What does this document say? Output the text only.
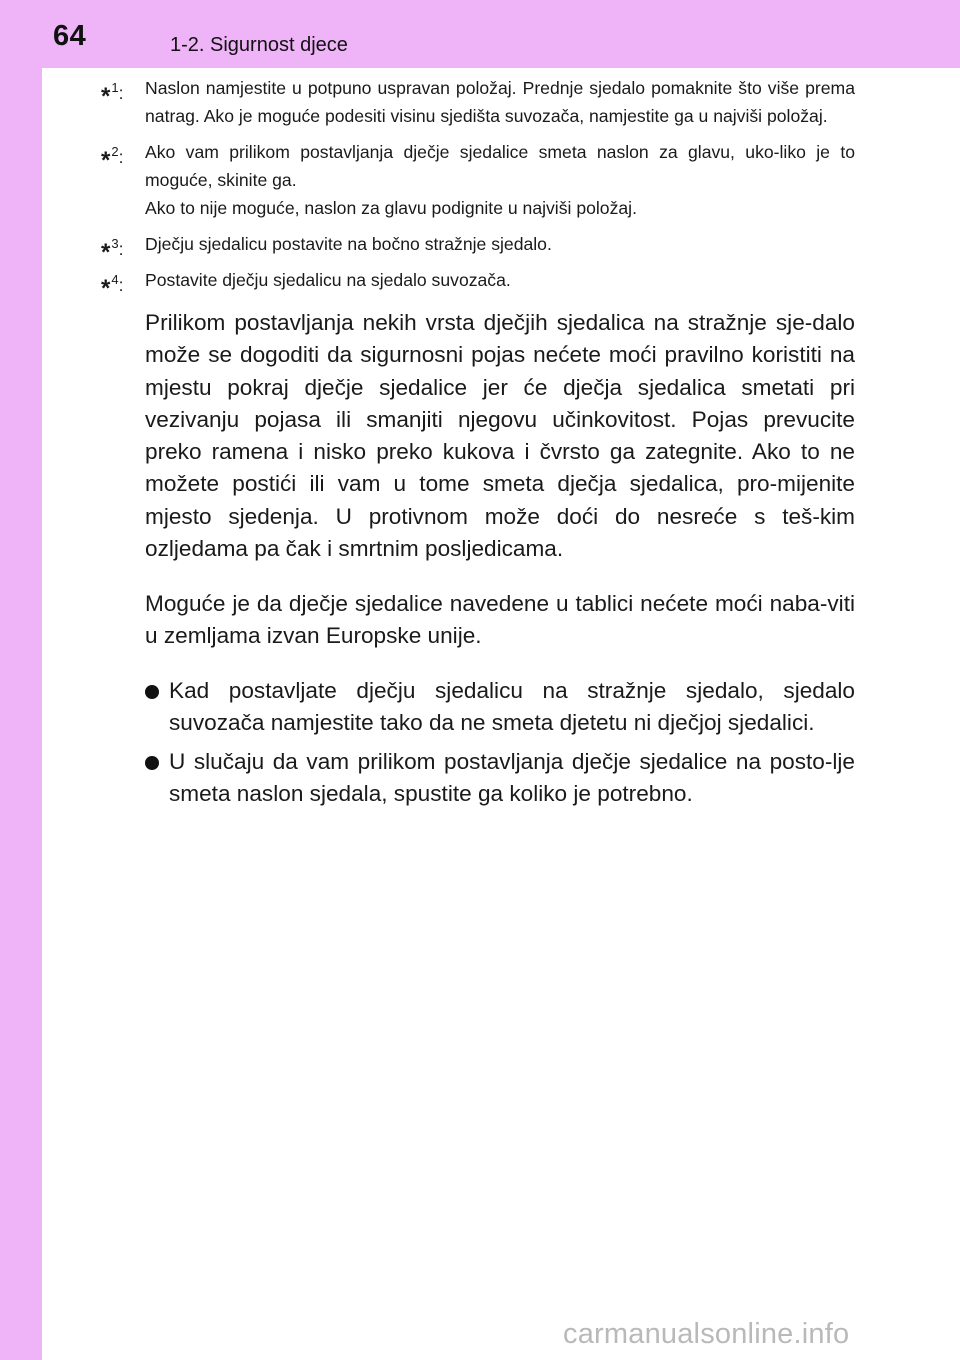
64	1-2. Sigurnost djece
*$^1$: Naslon namjestite u potpuno uspravan položaj. Prednje sjedalo pomaknite što više prema natrag. Ako je moguće podesiti visinu sjedišta suvozača, namjestite ga u najviši položaj.
*$^2$: Ako vam prilikom postavljanja dječje sjedalice smeta naslon za glavu, uko-liko je to moguće, skinite ga.
Ako to nije moguće, naslon za glavu podignite u najviši položaj.
*$^3$: Dječju sjedalicu postavite na bočno stražnje sjedalo.
*$^4$: Postavite dječju sjedalicu na sjedalo suvozača.

Prilikom postavljanja nekih vrsta dječjih sjedalica na stražnje sje-dalo može se dogoditi da sigurnosni pojas nećete moći pravilno koristiti na mjestu pokraj dječje sjedalice jer će dječja sjedalica smetati pri vezivanju pojasa ili smanjiti njegovu učinkovitost. Pojas prevucite preko ramena i nisko preko kukova i čvrsto ga zategnite. Ako to ne možete postići ili vam u tome smeta dječja sjedalica, pro-mijenite mjesto sjedenja. U protivnom može doći do nesreće s teš-kim ozljedama pa čak i smrtnim posljedicama.

Moguće je da dječje sjedalice navedene u tablici nećete moći naba-viti u zemljama izvan Europske unije.

Kad postavljate dječju sjedalicu na stražnje sjedalo, sjedalo suvozača namjestite tako da ne smeta djetetu ni dječjoj sjedalici.
U slučaju da vam prilikom postavljanja dječje sjedalice na posto-lje smeta naslon sjedala, spustite ga koliko je potrebno.
carmanualsonline.info
